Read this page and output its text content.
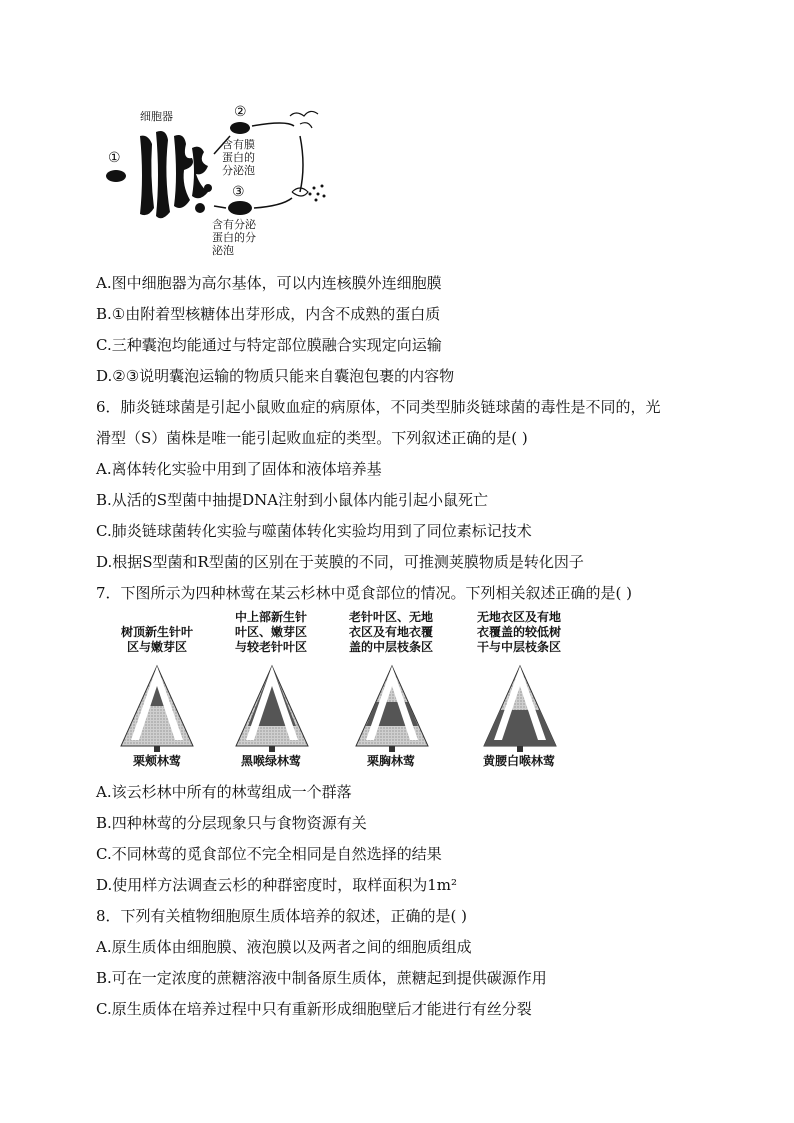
细胞器
①
②
③
含有膜
蛋白的
分泌泡
含有分泌
蛋白的分
泌泡
A.图中细胞器为高尔基体，可以内连核膜外连细胞膜
B.①由附着型核糖体出芽形成，内含不成熟的蛋白质
C.三种囊泡均能通过与特定部位膜融合实现定向运输
D.②③说明囊泡运输的物质只能来自囊泡包裹的内容物
6．肺炎链球菌是引起小鼠败血症的病原体，不同类型肺炎链球菌的毒性是不同的，光
滑型（S）菌株是唯一能引起败血症的类型。下列叙述正确的是( )
A.离体转化实验中用到了固体和液体培养基
B.从活的S型菌中抽提DNA注射到小鼠体内能引起小鼠死亡
C.肺炎链球菌转化实验与噬菌体转化实验均用到了同位素标记技术
D.根据S型菌和R型菌的区别在于荚膜的不同，可推测荚膜物质是转化因子
7．下图所示为四种林莺在某云杉林中觅食部位的情况。下列相关叙述正确的是( )

树顶新生针叶
区与嫩芽区
中上部新生针
叶区、嫩芽区
与较老针叶区
老针叶区、无地
衣区及有地衣覆
盖的中层枝条区
无地衣区及有地
衣覆盖的较低树
干与中层枝条区
栗颊林莺	黑喉绿林莺	栗胸林莺	黄腰白喉林莺
A.该云杉林中所有的林莺组成一个群落
B.四种林莺的分层现象只与食物资源有关
C.不同林莺的觅食部位不完全相同是自然选择的结果
D.使用样方法调查云杉的种群密度时，取样面积为1m²
8．下列有关植物细胞原生质体培养的叙述，正确的是( )
A.原生质体由细胞膜、液泡膜以及两者之间的细胞质组成
B.可在一定浓度的蔗糖溶液中制备原生质体，蔗糖起到提供碳源作用
C.原生质体在培养过程中只有重新形成细胞壁后才能进行有丝分裂
